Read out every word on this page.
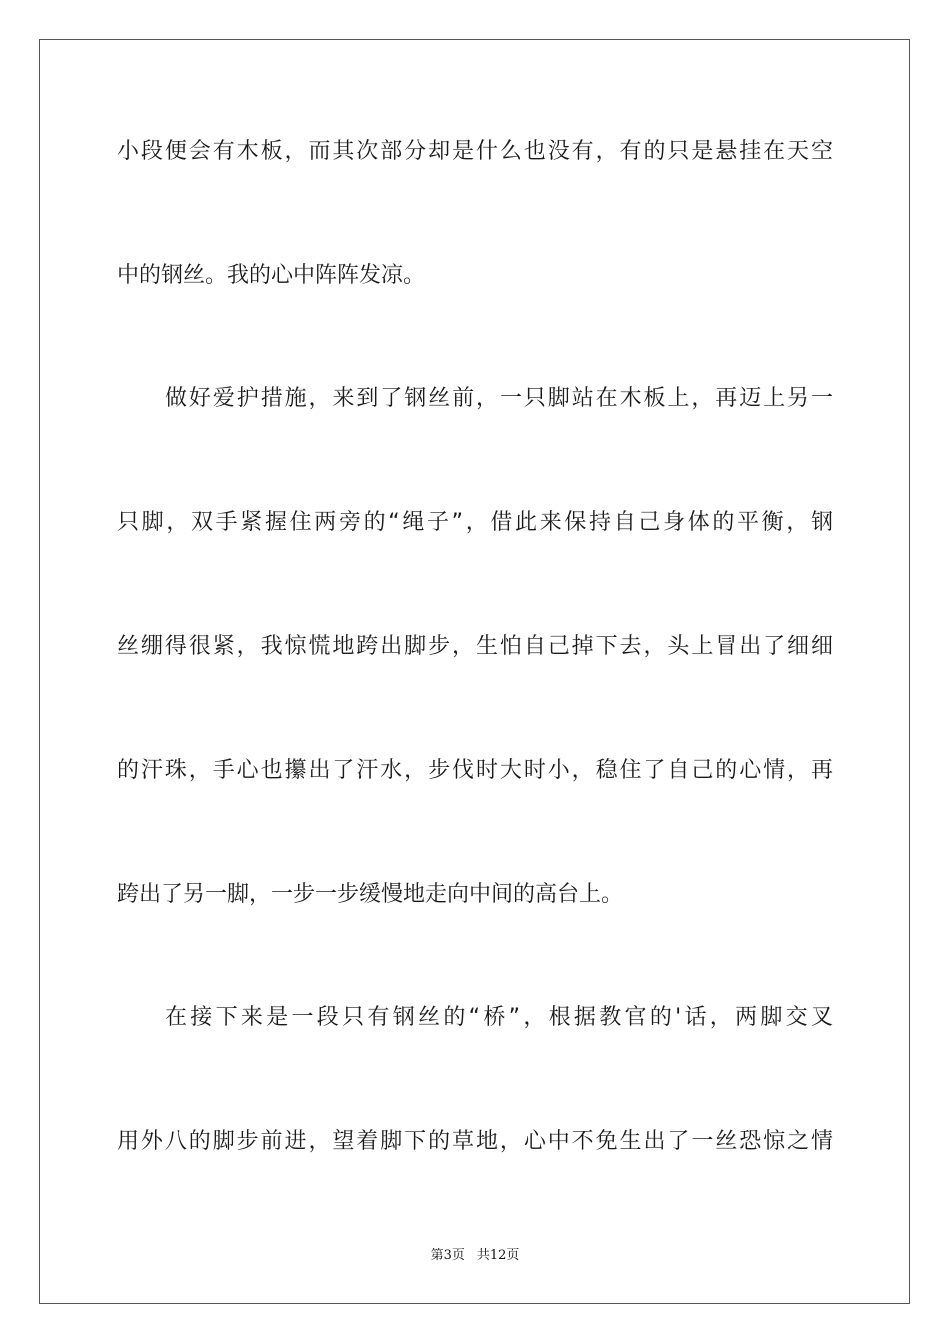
小段便会有木板，而其次部分却是什么也没有，有的只是悬挂在天空
中的钢丝。我的心中阵阵发凉。
做好爱护措施，来到了钢丝前，一只脚站在木板上，再迈上另一
只脚，双手紧握住两旁的“绳子”，借此来保持自己身体的平衡，钢
丝绷得很紧，我惊慌地跨出脚步，生怕自己掉下去，头上冒出了细细
的汗珠，手心也攥出了汗水，步伐时大时小，稳住了自己的心情，再
跨出了另一脚，一步一步缓慢地走向中间的高台上。
在接下来是一段只有钢丝的“桥”，根据教官的'话，两脚交叉
用外八的脚步前进，望着脚下的草地，心中不免生出了一丝恐惊之情
第3页 共12页
